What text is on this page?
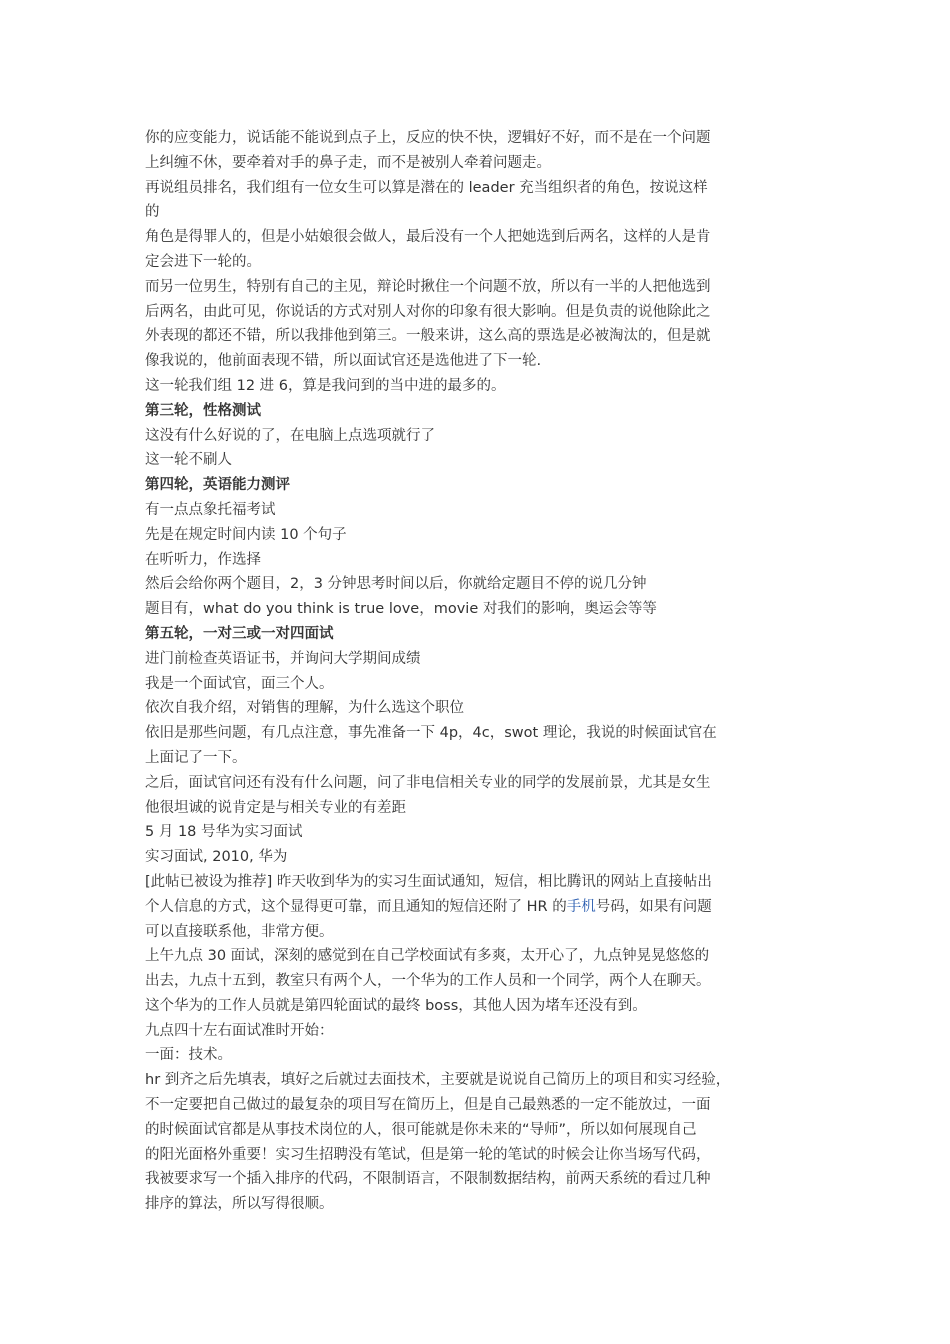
你的应变能力，说话能不能说到点子上，反应的快不快，逻辑好不好，而不是在一个问题
上纠缠不休，要牵着对手的鼻子走，而不是被别人牵着问题走。
再说组员排名，我们组有一位女生可以算是潜在的 leader 充当组织者的角色，按说这样
的
角色是得罪人的，但是小姑娘很会做人，最后没有一个人把她选到后两名，这样的人是肯
定会进下一轮的。
而另一位男生，特别有自己的主见，辩论时揪住一个问题不放，所以有一半的人把他选到
后两名，由此可见，你说话的方式对别人对你的印象有很大影响。但是负责的说他除此之
外表现的都还不错，所以我排他到第三。一般来讲，这么高的票选是必被淘汰的，但是就
像我说的，他前面表现不错，所以面试官还是选他进了下一轮.
这一轮我们组 12 进 6，算是我问到的当中进的最多的。
第三轮，性格测试
这没有什么好说的了，在电脑上点选项就行了
这一轮不刷人
第四轮，英语能力测评
有一点点象托福考试
先是在规定时间内读 10 个句子
在听听力，作选择
然后会给你两个题目，2，3 分钟思考时间以后，你就给定题目不停的说几分钟
题目有，what do you think is true love，movie 对我们的影响，奥运会等等
第五轮，一对三或一对四面试
进门前检查英语证书，并询问大学期间成绩
我是一个面试官，面三个人。
依次自我介绍，对销售的理解，为什么选这个职位
依旧是那些问题，有几点注意，事先准备一下 4p，4c，swot 理论，我说的时候面试官在
上面记了一下。
之后，面试官问还有没有什么问题，问了非电信相关专业的同学的发展前景，尤其是女生
他很坦诚的说肯定是与相关专业的有差距
5 月 18 号华为实习面试
实习面试, 2010, 华为
[此帖已被设为推荐] 昨天收到华为的实习生面试通知，短信，相比腾讯的网站上直接帖出
个人信息的方式，这个显得更可靠，而且通知的短信还附了 HR 的手机号码，如果有问题
可以直接联系他，非常方便。
上午九点 30 面试，深刻的感觉到在自己学校面试有多爽，太开心了，九点钟晃晃悠悠的
出去，九点十五到，教室只有两个人，一个华为的工作人员和一个同学，两个人在聊天。
这个华为的工作人员就是第四轮面试的最终 boss，其他人因为堵车还没有到。
九点四十左右面试准时开始：
一面：技术。
hr 到齐之后先填表，填好之后就过去面技术，主要就是说说自己简历上的项目和实习经验，
不一定要把自己做过的最复杂的项目写在简历上，但是自己最熟悉的一定不能放过，一面
的时候面试官都是从事技术岗位的人，很可能就是你未来的“导师”，所以如何展现自己
的阳光面格外重要！实习生招聘没有笔试，但是第一轮的笔试的时候会让你当场写代码，
我被要求写一个插入排序的代码，不限制语言，不限制数据结构，前两天系统的看过几种
排序的算法，所以写得很顺。
